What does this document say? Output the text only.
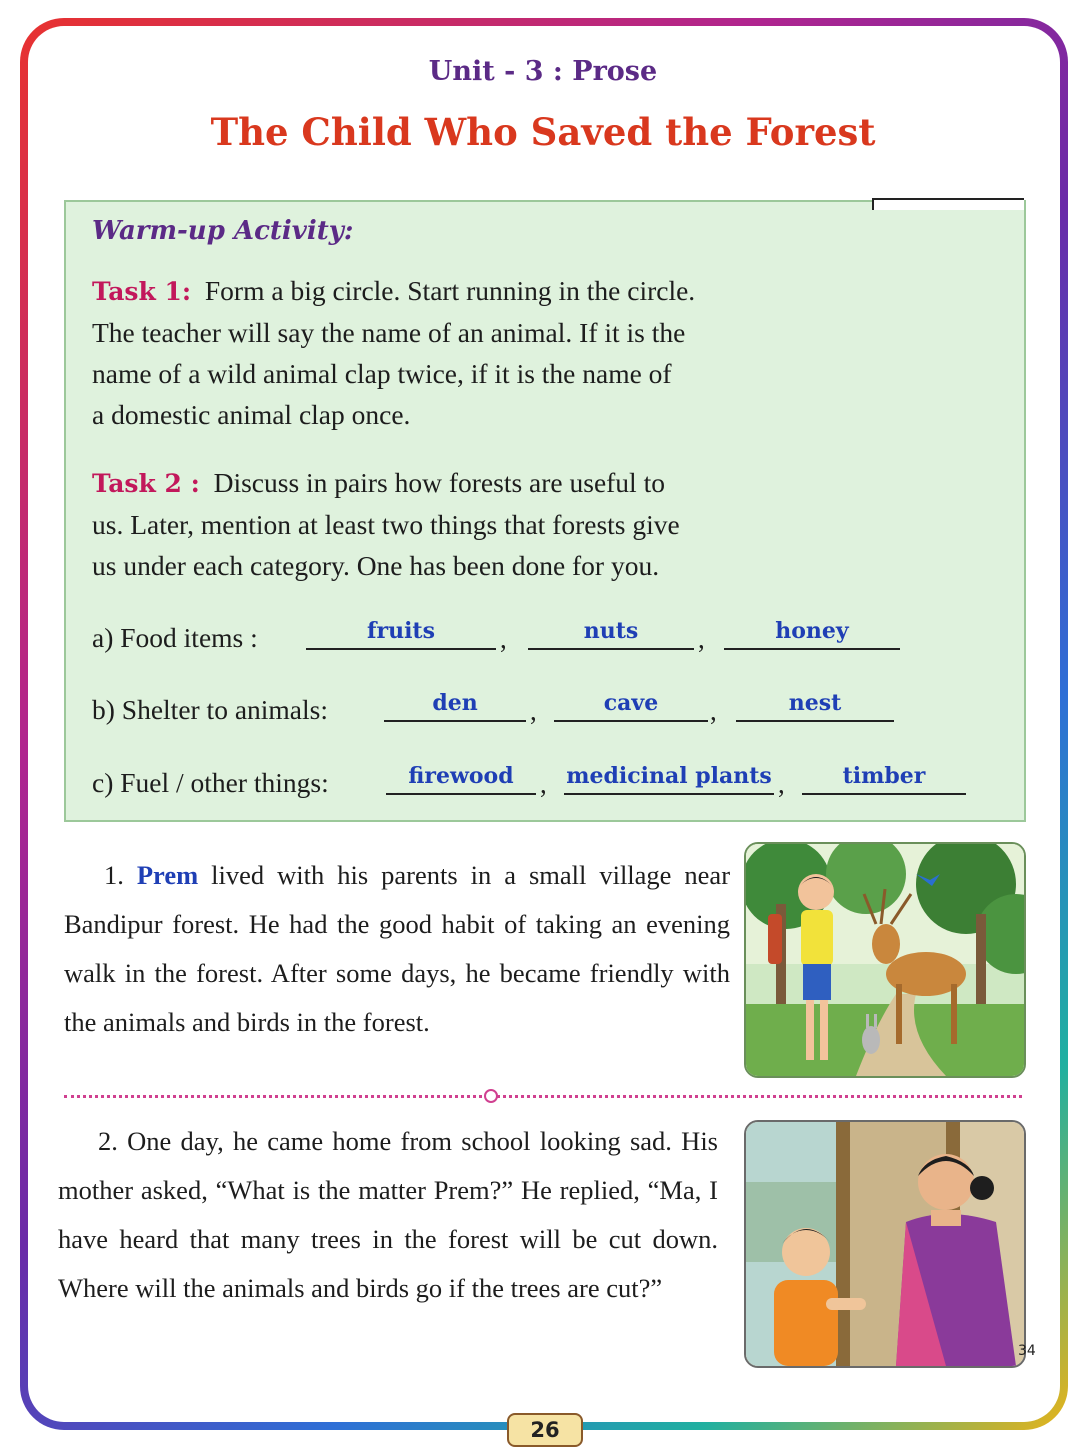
Unit - 3 : Prose
The Child Who Saved the Forest
Warm-up Activity:
Task 1: Form a big circle. Start running in the circle.
The teacher will say the name of an animal. If it is the
name of a wild animal clap twice, if it is the name of
a domestic animal clap once.
Task 2 : Discuss in pairs how forests are useful to
us. Later, mention at least two things that forests give
us under each category. One has been done for you.
a) Food items :	fruits	,	nuts	,	honey
b) Shelter to animals:	den	,	cave	,	nest
c) Fuel / other things:	firewood , medicinal plants ,	timber

1. Prem lived with his parents in a small village near Bandipur forest. He had the good habit of taking an evening walk in the forest. After some days, he became friendly with the animals and birds in the forest.

2. One day, he came home from school looking sad. His mother asked, “What is the matter Prem?” He replied, “Ma, I have heard that many trees in the forest will be cut down. Where will the animals and birds go if the trees are cut?”

34
26
